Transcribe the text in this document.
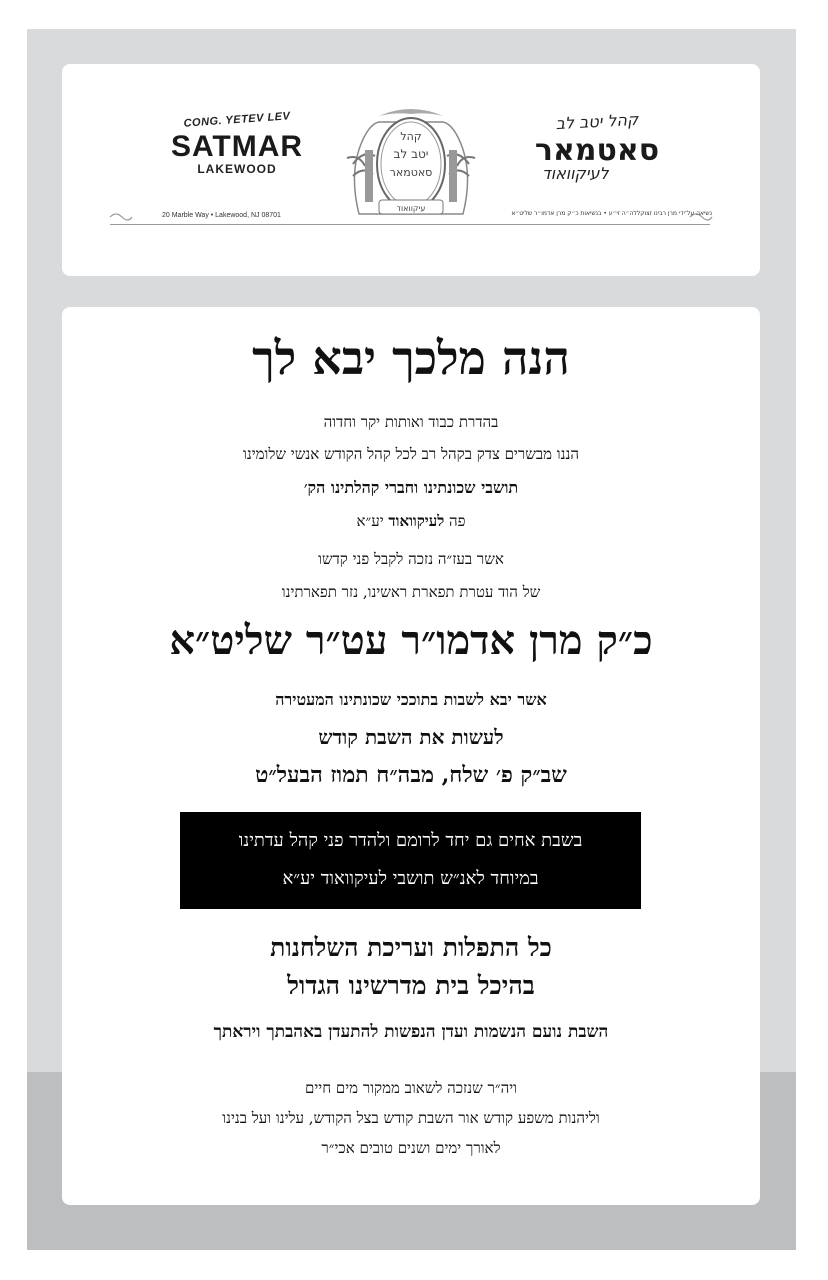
CONG. YETEV LEV
SATMAR
LAKEWOOD
קהל
יטב לב
סאטמאר
עיקוואוד
קהל יטב לב
סאטמאר
לעיקוואוד
20 Marble Way • Lakewood, NJ 08701	נשיאה על־ידי מרן רבינו זצוקללה״ה זי״ע • בנשיאות כ״ק מרן אדמו״ר שליט״א
הנה מלכך יבא לך
בהדרת כבוד ואותות יקר וחדוה
הננו מבשרים צדק בקהל רב לכל קהל הקודש אנשי שלומינו
תושבי שכונתינו וחברי קהלתינו הק׳
פה לעיקוואוד יע״א
אשר בעז״ה נזכה לקבל פני קדשו
של הוד עטרת תפארת ראשינו, נזר תפארתינו
כ״ק מרן אדמו״ר עט״ר שליט״א
אשר יבא לשבות בתוככי שכונתינו המעטירה
לעשות את השבת קודש
שב״ק פ׳ שלח, מבה״ח תמוז הבעל״ט
בשבת אחים גם יחד לרומם ולהדר פני קהל עדתינו
במיוחד לאנ״ש תושבי לעיקוואוד יע״א
כל התפלות ועריכת השלחנות
בהיכל בית מדרשינו הגדול
השבת נועם הנשמות ועדן הנפשות להתעדן באהבתך ויראתך
ויה״ר שנזכה לשאוב ממקור מים חיים
וליהנות משפע קודש אור השבת קודש בצל הקודש, עלינו ועל בנינו
לאורך ימים ושנים טובים אכי״ר
